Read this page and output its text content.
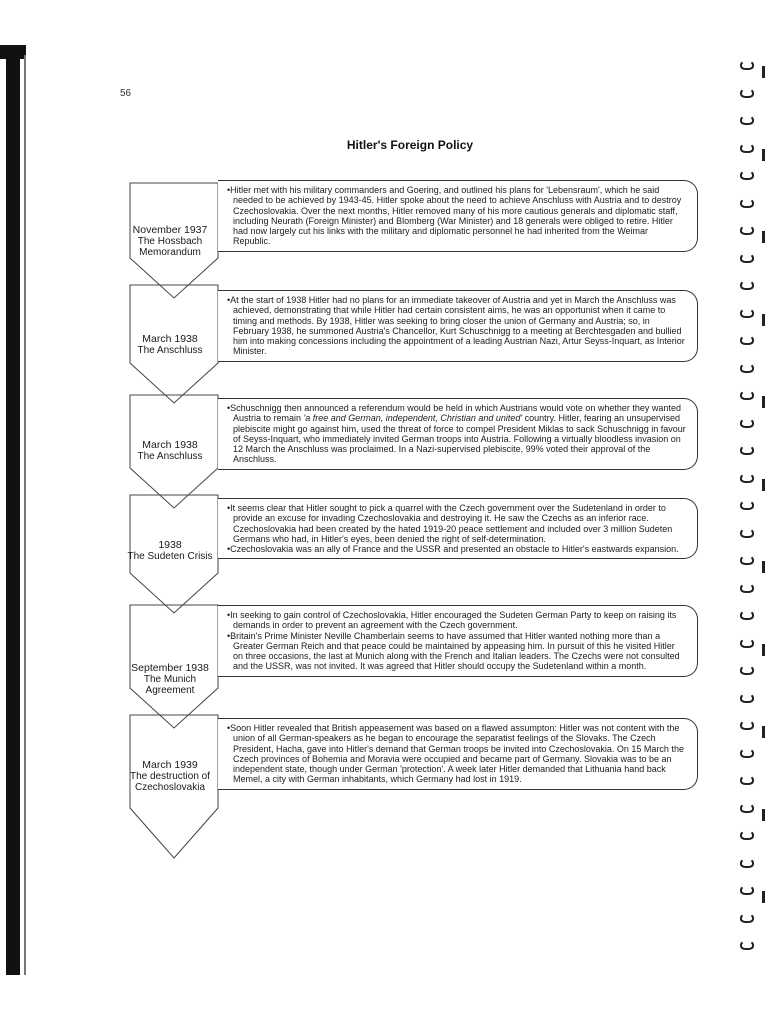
56
Hitler's Foreign Policy
November 1937
The Hossbach Memorandum
March 1938
The Anschluss
March 1938
The Anschluss
1938
The Sudeten Crisis
September 1938
The Munich Agreement
March 1939
The destruction of Czechoslovakia
• Hitler met with his military commanders and Goering, and outlined his plans for 'Lebensraum', which he said needed to be achieved by 1943-45. Hitler spoke about the need to achieve Anschluss with Austria and to destroy Czechoslovakia. Over the next months, Hitler removed many of his more cautious generals and diplomatic staff, including Neurath (Foreign Minister) and Blomberg (War Minister) and 18 generals were obliged to retire. Hitler had now largely cut his links with the military and diplomatic personnel he had inherited from the Weimar Republic.
• At the start of 1938 Hitler had no plans for an immediate takeover of Austria and yet in March the Anschluss was achieved, demonstrating that while Hitler had certain consistent aims, he was an opportunist when it came to timing and methods. By 1938, Hitler was seeking to bring closer the union of Germany and Austria; so, in February 1938, he summoned Austria's Chancellor, Kurt Schuschnigg to a meeting at Berchtesgaden and bullied him into making concessions including the appointment of a leading Austrian Nazi, Artur Seyss-Inquart, as Interior Minister.
• Schuschnigg then announced a referendum would be held in which Austrians would vote on whether they wanted Austria to remain 'a free and German, independent, Christian and united' country. Hitler, fearing an unsupervised plebiscite might go against him, used the threat of force to compel President Miklas to sack Schuschnigg in favour of Seyss-Inquart, who immediately invited German troops into Austria. Following a virtually bloodless invasion on 12 March the Anschluss was proclaimed. In a Nazi-supervised plebiscite, 99% voted their approval of the Anschluss.
• It seems clear that Hitler sought to pick a quarrel with the Czech government over the Sudetenland in order to provide an excuse for invading Czechoslovakia and destroying it. He saw the Czechs as an inferior race. Czechoslovakia had been created by the hated 1919-20 peace settlement and included over 3 million Sudeten Germans who had, in Hitler's eyes, been denied the right of self-determination.
• Czechoslovakia was an ally of France and the USSR and presented an obstacle to Hitler's eastwards expansion.
• In seeking to gain control of Czechoslovakia, Hitler encouraged the Sudeten German Party to keep on raising its demands in order to prevent an agreement with the Czech government.
• Britain's Prime Minister Neville Chamberlain seems to have assumed that Hitler wanted nothing more than a Greater German Reich and that peace could be maintained by appeasing him. In pursuit of this he visited Hitler on three occasions, the last at Munich along with the French and Italian leaders. The Czechs were not consulted and the USSR, was not invited. It was agreed that Hitler should occupy the Sudetenland within a month.
• Soon Hitler revealed that British appeasement was based on a flawed assumpton: Hitler was not content with the union of all German-speakers as he began to encourage the separatist feelings of the Slovaks. The Czech President, Hacha, gave into Hitler's demand that German troops be invited into Czechoslovakia. On 15 March the Czech provinces of Bohemia and Moravia were occupied and became part of Germany. Slovakia was to be an independent state, though under German 'protection'. A week later Hitler demanded that Lithuania hand back Memel, a city with German inhabitants, which Germany had lost in 1919.
